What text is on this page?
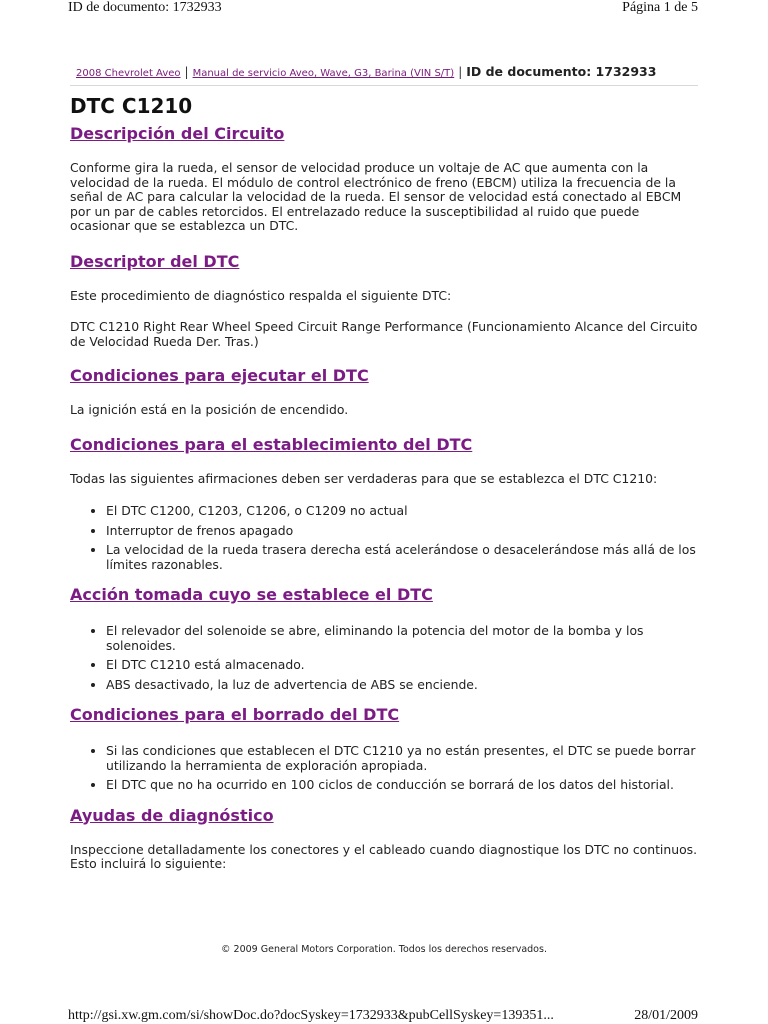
ID de documento: 1732933	Página 1 de 5
2008 Chevrolet Aveo | Manual de servicio Aveo, Wave, G3, Barina (VIN S/T) | ID de documento: 1732933
DTC C1210
Descripción del Circuito

Conforme gira la rueda, el sensor de velocidad produce un voltaje de AC que aumenta con la velocidad de la rueda. El módulo de control electrónico de freno (EBCM) utiliza la frecuencia de la señal de AC para calcular la velocidad de la rueda. El sensor de velocidad está conectado al EBCM por un par de cables retorcidos. El entrelazado reduce la susceptibilidad al ruido que puede ocasionar que se establezca un DTC.

Descriptor del DTC

Este procedimiento de diagnóstico respalda el siguiente DTC:

DTC C1210 Right Rear Wheel Speed Circuit Range Performance (Funcionamiento Alcance del Circuito de Velocidad Rueda Der. Tras.)

Condiciones para ejecutar el DTC

La ignición está en la posición de encendido.

Condiciones para el establecimiento del DTC

Todas las siguientes afirmaciones deben ser verdaderas para que se establezca el DTC C1210:

• El DTC C1200, C1203, C1206, o C1209 no actual
• Interruptor de frenos apagado
• La velocidad de la rueda trasera derecha está acelerándose o desacelerándose más allá de los límites razonables.
Acción tomada cuyo se establece el DTC
• El relevador del solenoide se abre, eliminando la potencia del motor de la bomba y los solenoides.
• El DTC C1210 está almacenado.
• ABS desactivado, la luz de advertencia de ABS se enciende.
Condiciones para el borrado del DTC
• Si las condiciones que establecen el DTC C1210 ya no están presentes, el DTC se puede borrar utilizando la herramienta de exploración apropiada.
• El DTC que no ha ocurrido en 100 ciclos de conducción se borrará de los datos del historial.
Ayudas de diagnóstico

Inspeccione detalladamente los conectores y el cableado cuando diagnostique los DTC no continuos. Esto incluirá lo siguiente:

© 2009 General Motors Corporation. Todos los derechos reservados.
http://gsi.xw.gm.com/si/showDoc.do?docSyskey=1732933&pubCellSyskey=139351...	28/01/2009
